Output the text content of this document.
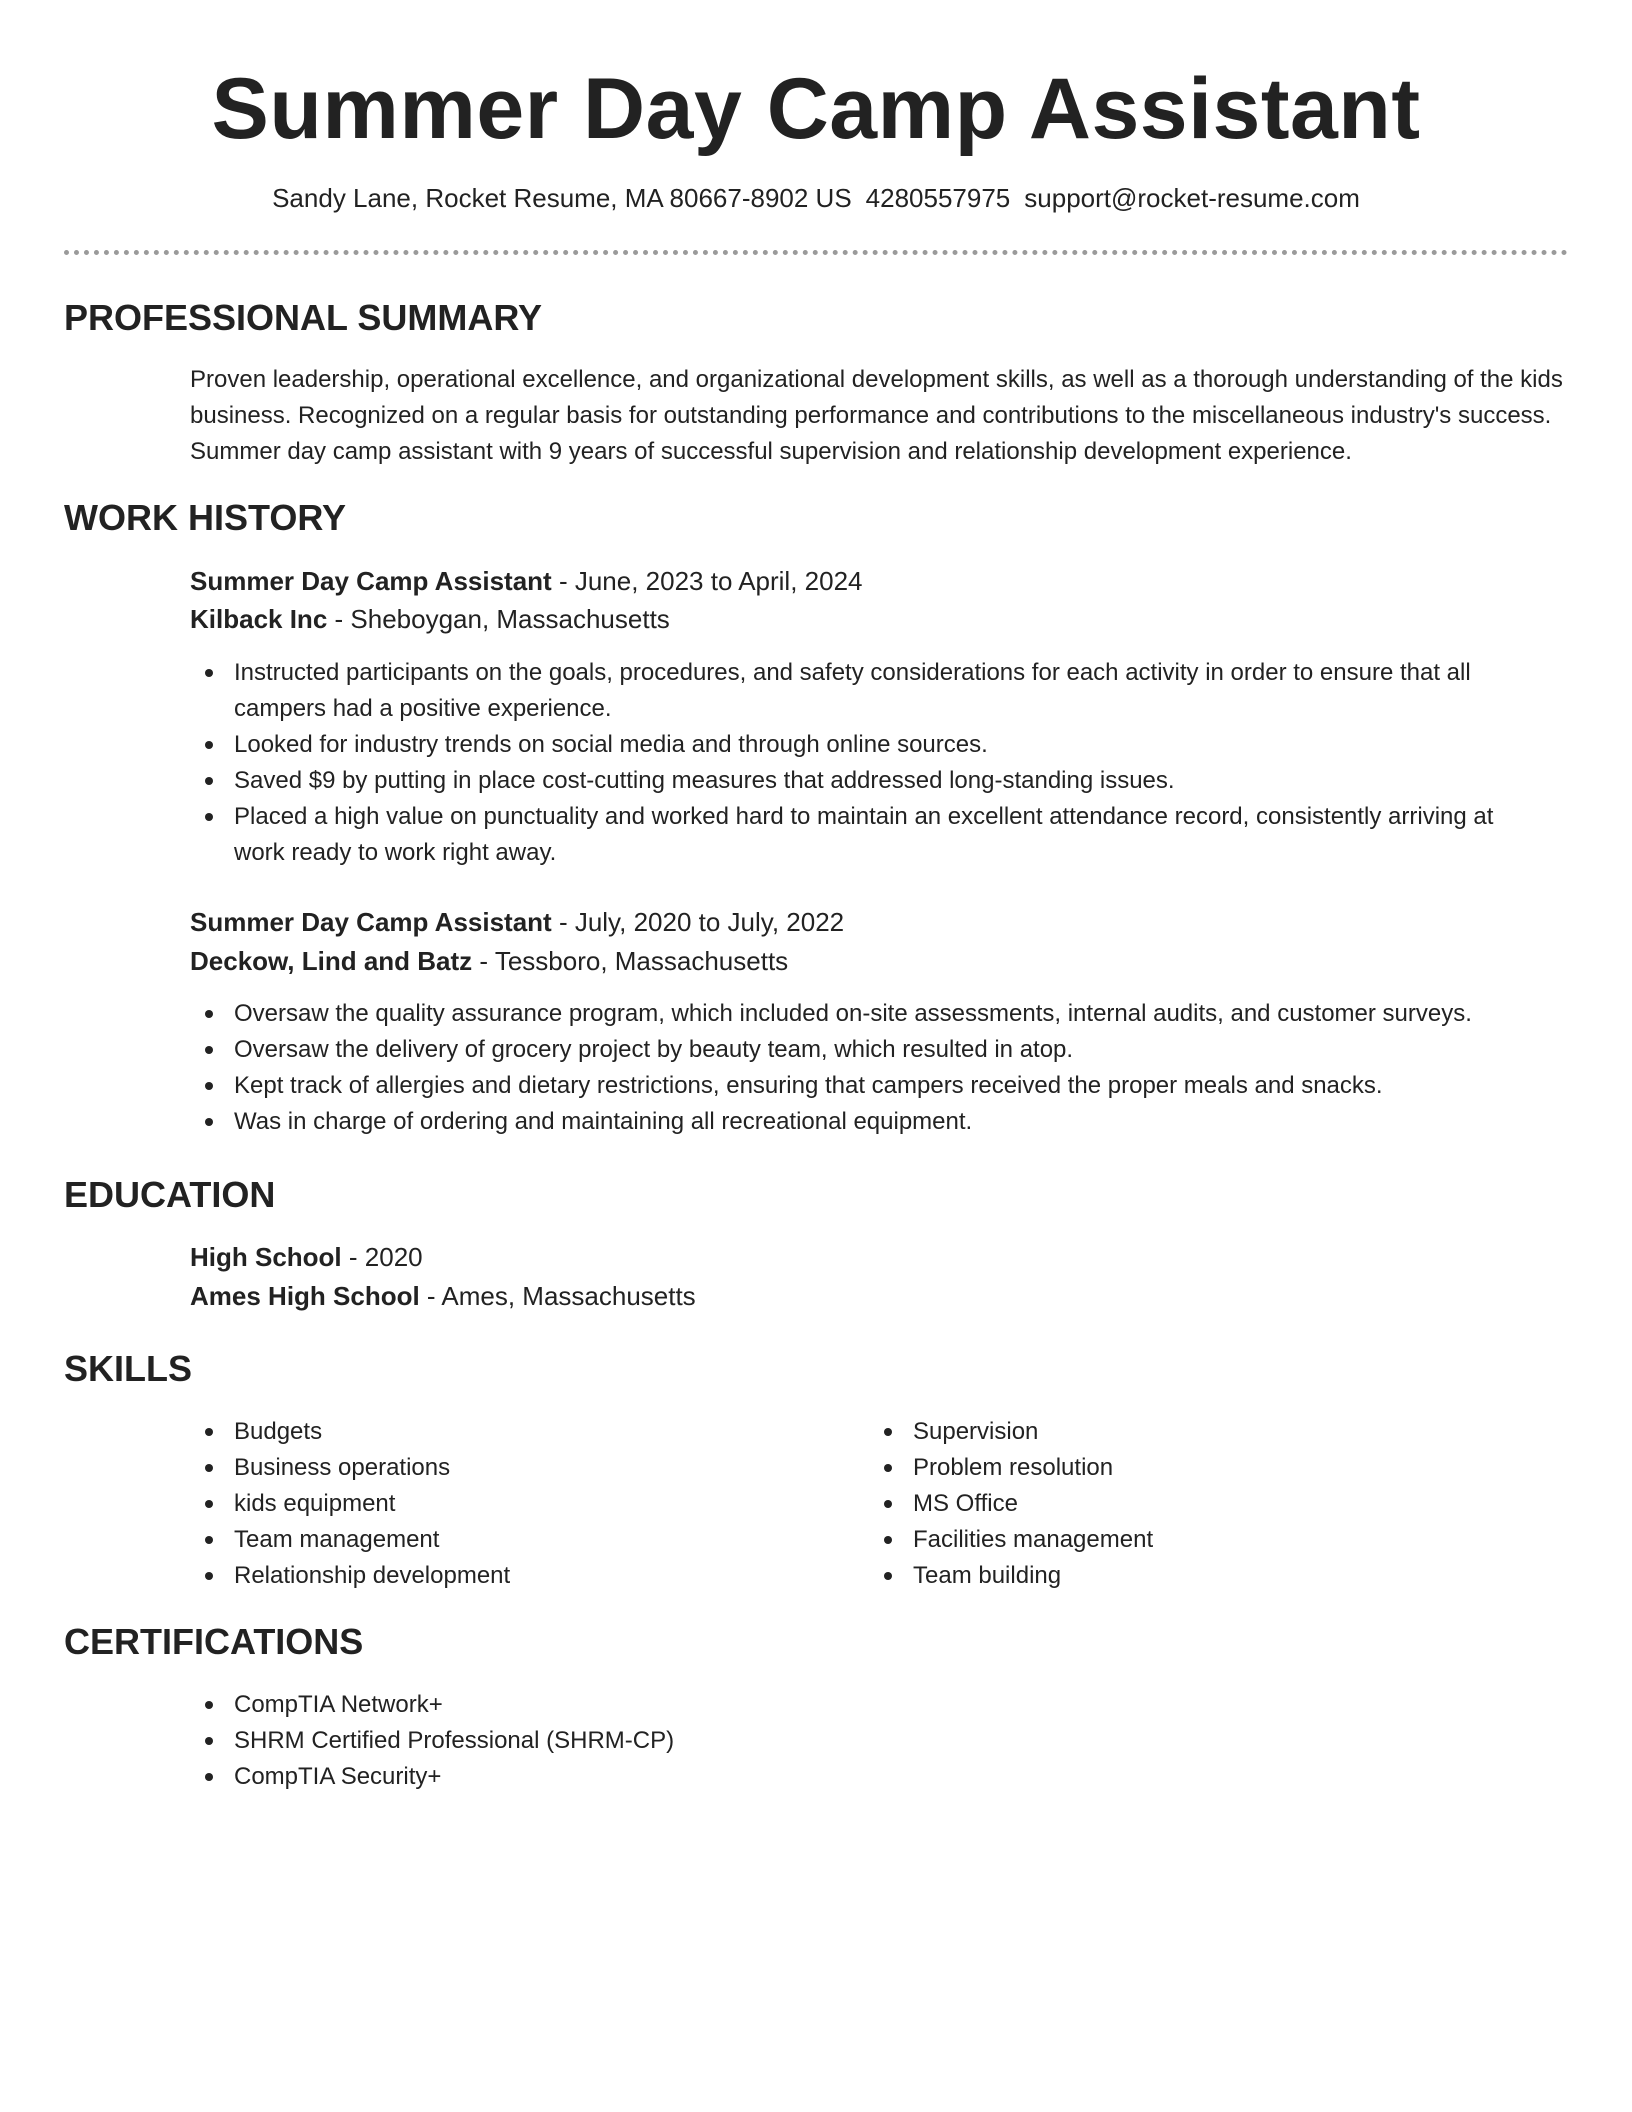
Summer Day Camp Assistant
Sandy Lane, Rocket Resume, MA 80667-8902 US 4280557975 support@rocket-resume.com
PROFESSIONAL SUMMARY
Proven leadership, operational excellence, and organizational development skills, as well as a thorough understanding of the kids business. Recognized on a regular basis for outstanding performance and contributions to the miscellaneous industry's success. Summer day camp assistant with 9 years of successful supervision and relationship development experience.
WORK HISTORY
Summer Day Camp Assistant - June, 2023 to April, 2024
Kilback Inc - Sheboygan, Massachusetts
Instructed participants on the goals, procedures, and safety considerations for each activity in order to ensure that all campers had a positive experience.
Looked for industry trends on social media and through online sources.
Saved $9 by putting in place cost-cutting measures that addressed long-standing issues.
Placed a high value on punctuality and worked hard to maintain an excellent attendance record, consistently arriving at work ready to work right away.
Summer Day Camp Assistant - July, 2020 to July, 2022
Deckow, Lind and Batz - Tessboro, Massachusetts
Oversaw the quality assurance program, which included on-site assessments, internal audits, and customer surveys.
Oversaw the delivery of grocery project by beauty team, which resulted in atop.
Kept track of allergies and dietary restrictions, ensuring that campers received the proper meals and snacks.
Was in charge of ordering and maintaining all recreational equipment.
EDUCATION
High School - 2020
Ames High School - Ames, Massachusetts
SKILLS
Budgets
Business operations
kids equipment
Team management
Relationship development
Supervision
Problem resolution
MS Office
Facilities management
Team building
CERTIFICATIONS
CompTIA Network+
SHRM Certified Professional (SHRM-CP)
CompTIA Security+
